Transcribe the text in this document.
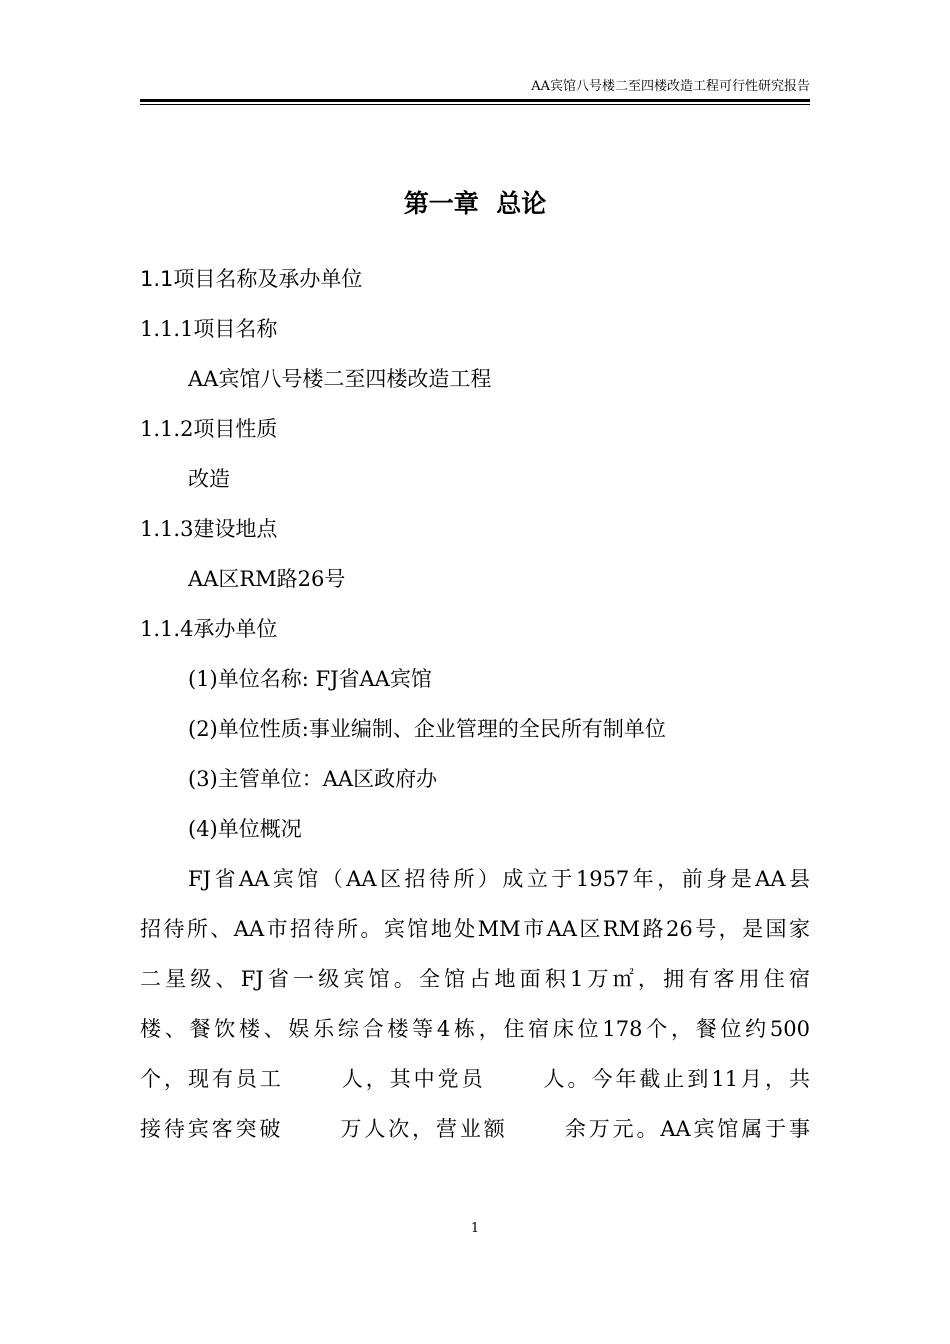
AA宾馆八号楼二至四楼改造工程可行性研究报告
第一章  总论
1.1项目名称及承办单位
1.1.1项目名称
AA宾馆八号楼二至四楼改造工程
1.1.2项目性质
改造
1.1.3建设地点
AA区RM路26号
1.1.4承办单位
(1)单位名称: FJ省AA宾馆
(2)单位性质:事业编制、企业管理的全民所有制单位
(3)主管单位：AA区政府办
(4)单位概况
FJ省AA宾馆（AA区招待所）成立于1957年，前身是AA县
招待所、AA市招待所。宾馆地处MM市AA区RM路26号，是国家
二星级、FJ省一级宾馆。全馆占地面积1万㎡，拥有客用住宿
楼、餐饮楼、娱乐综合楼等4栋，住宿床位178个，餐位约500
个，现有员工      人，其中党员      人。今年截止到11月，共
接待宾客突破      万人次，营业额      余万元。AA宾馆属于事
1
